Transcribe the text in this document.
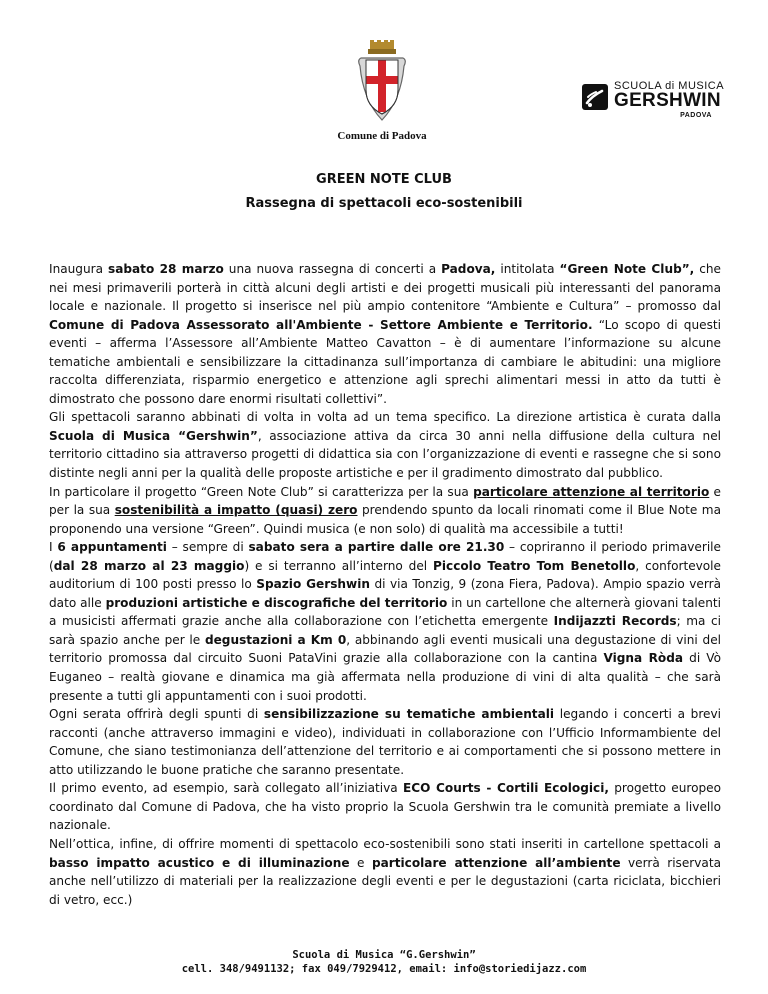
Comune di Padova
SCUOLA di MUSICA
GERSHWIN
PADOVA
GREEN NOTE CLUB
Rassegna di spettacoli eco-sostenibili

Inaugura sabato 28 marzo una nuova rassegna di concerti a Padova, intitolata “Green Note Club”, che nei mesi primaverili porterà in città alcuni degli artisti e dei progetti musicali più interessanti del panorama locale e nazionale. Il progetto si inserisce nel più ampio contenitore “Ambiente e Cultura” – promosso dal Comune di Padova Assessorato all'Ambiente - Settore Ambiente e Territorio. “Lo scopo di questi eventi – afferma l’Assessore all’Ambiente Matteo Cavatton – è di aumentare l’informazione su alcune tematiche ambientali e sensibilizzare la cittadinanza sull’importanza di cambiare le abitudini: una migliore raccolta differenziata, risparmio energetico e attenzione agli sprechi alimentari messi in atto da tutti è dimostrato che possono dare enormi risultati collettivi”.

Gli spettacoli saranno abbinati di volta in volta ad un tema specifico. La direzione artistica è curata dalla Scuola di Musica “Gershwin”, associazione attiva da circa 30 anni nella diffusione della cultura nel territorio cittadino sia attraverso progetti di didattica sia con l’organizzazione di eventi e rassegne che si sono distinte negli anni per la qualità delle proposte artistiche e per il gradimento dimostrato dal pubblico.

In particolare il progetto “Green Note Club” si caratterizza per la sua particolare attenzione al territorio e per la sua sostenibilità a impatto (quasi) zero prendendo spunto da locali rinomati come il Blue Note ma proponendo una versione “Green”. Quindi musica (e non solo) di qualità ma accessibile a tutti!

I 6 appuntamenti – sempre di sabato sera a partire dalle ore 21.30 – copriranno il periodo primaverile (dal 28 marzo al 23 maggio) e si terranno all’interno del Piccolo Teatro Tom Benetollo, confortevole auditorium di 100 posti presso lo Spazio Gershwin di via Tonzig, 9 (zona Fiera, Padova). Ampio spazio verrà dato alle produzioni artistiche e discografiche del territorio in un cartellone che alternerà giovani talenti a musicisti affermati grazie anche alla collaborazione con l’etichetta emergente Indijazzti Records; ma ci sarà spazio anche per le degustazioni a Km 0, abbinando agli eventi musicali una degustazione di vini del territorio promossa dal circuito Suoni PataVini grazie alla collaborazione con la cantina Vigna Ròda di Vò Euganeo – realtà giovane e dinamica ma già affermata nella produzione di vini di alta qualità – che sarà presente a tutti gli appuntamenti con i suoi prodotti.

Ogni serata offrirà degli spunti di sensibilizzazione su tematiche ambientali legando i concerti a brevi racconti (anche attraverso immagini e video), individuati in collaborazione con l’Ufficio Informambiente del Comune, che siano testimonianza dell’attenzione del territorio e ai comportamenti che si possono mettere in atto utilizzando le buone pratiche che saranno presentate.

Il primo evento, ad esempio, sarà collegato all’iniziativa ECO Courts - Cortili Ecologici, progetto europeo coordinato dal Comune di Padova, che ha visto proprio la Scuola Gershwin tra le comunità premiate a livello nazionale.

Nell’ottica, infine, di offrire momenti di spettacolo eco-sostenibili sono stati inseriti in cartellone spettacoli a basso impatto acustico e di illuminazione e particolare attenzione all’ambiente verrà riservata anche nell’utilizzo di materiali per la realizzazione degli eventi e per le degustazioni (carta riciclata, bicchieri di vetro, ecc.)

Scuola di Musica “G.Gershwin”
cell. 348/9491132; fax 049/7929412, email: info@storiedijazz.com
